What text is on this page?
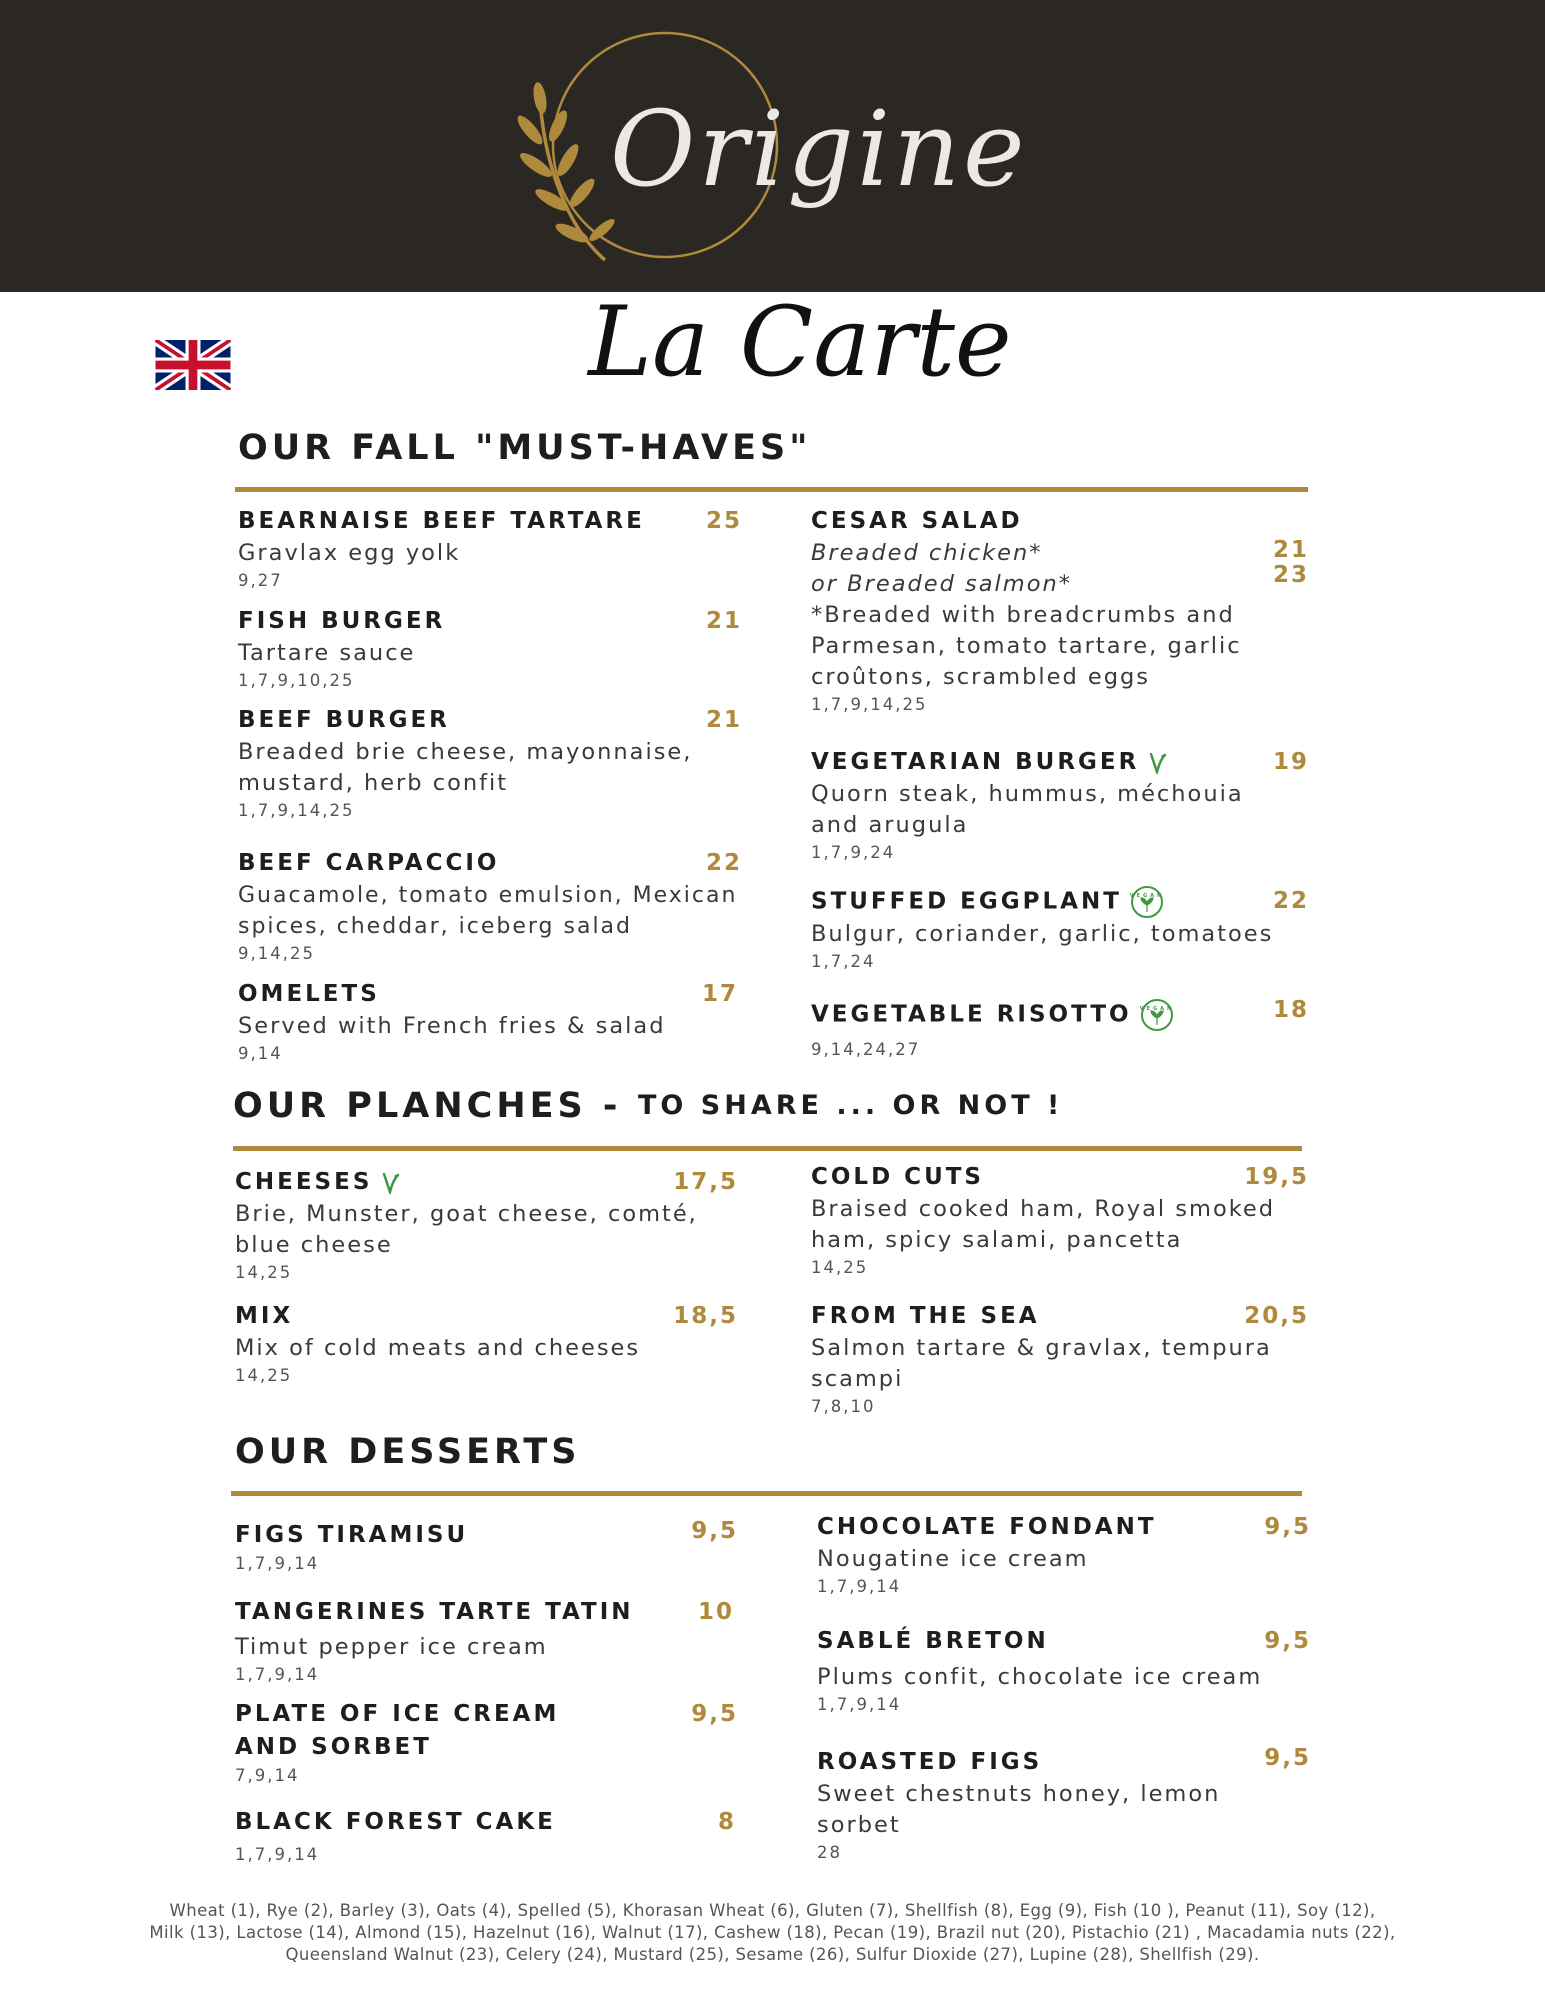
Origine
La Carte
OUR FALL "MUST-HAVES"
BEARNAISE BEEF TARTARE	25
Gravlax egg yolk
9,27
FISH BURGER	21
Tartare sauce
1,7,9,10,25
BEEF BURGER	21
Breaded brie cheese, mayonnaise, mustard, herb confit
1,7,9,14,25
BEEF CARPACCIO	22
Guacamole, tomato emulsion, Mexican spices, cheddar, iceberg salad
9,14,25
OMELETS	17
Served with French fries & salad
9,14
CESAR SALAD
Breaded chicken*	21
or Breaded salmon*	23
*Breaded with breadcrumbs and Parmesan, tomato tartare, garlic croûtons, scrambled eggs
1,7,9,14,25
VEGETARIAN BURGER	19
Quorn steak, hummus, méchouia and arugula
1,7,9,24
STUFFED EGGPLANT VEGAN	22
Bulgur, coriander, garlic, tomatoes
1,7,24
VEGETABLE RISOTTO VEGAN	18
9,14,24,27
OUR PLANCHES - TO SHARE ... OR NOT !
CHEESES	17,5
Brie, Munster, goat cheese, comté, blue cheese
14,25
MIX	18,5
Mix of cold meats and cheeses
14,25
COLD CUTS	19,5
Braised cooked ham, Royal smoked ham, spicy salami, pancetta
14,25
FROM THE SEA	20,5
Salmon tartare & gravlax, tempura scampi
7,8,10
OUR DESSERTS
FIGS TIRAMISU	9,5
1,7,9,14
TANGERINES TARTE TATIN	10
Timut pepper ice cream
1,7,9,14
PLATE OF ICE CREAM AND SORBET
9,5
7,9,14
BLACK FOREST CAKE	8
1,7,9,14
CHOCOLATE FONDANT	9,5
Nougatine ice cream
1,7,9,14
SABLÉ BRETON	9,5
Plums confit, chocolate ice cream
1,7,9,14
ROASTED FIGS	9,5
Sweet chestnuts honey, lemon sorbet
28
Wheat (1), Rye (2), Barley (3), Oats (4), Spelled (5), Khorasan Wheat (6), Gluten (7), Shellfish (8), Egg (9), Fish (10 ), Peanut (11), Soy (12),
Milk (13), Lactose (14), Almond (15), Hazelnut (16), Walnut (17), Cashew (18), Pecan (19), Brazil nut (20), Pistachio (21) , Macadamia nuts (22),
Queensland Walnut (23), Celery (24), Mustard (25), Sesame (26), Sulfur Dioxide (27), Lupine (28), Shellfish (29).
